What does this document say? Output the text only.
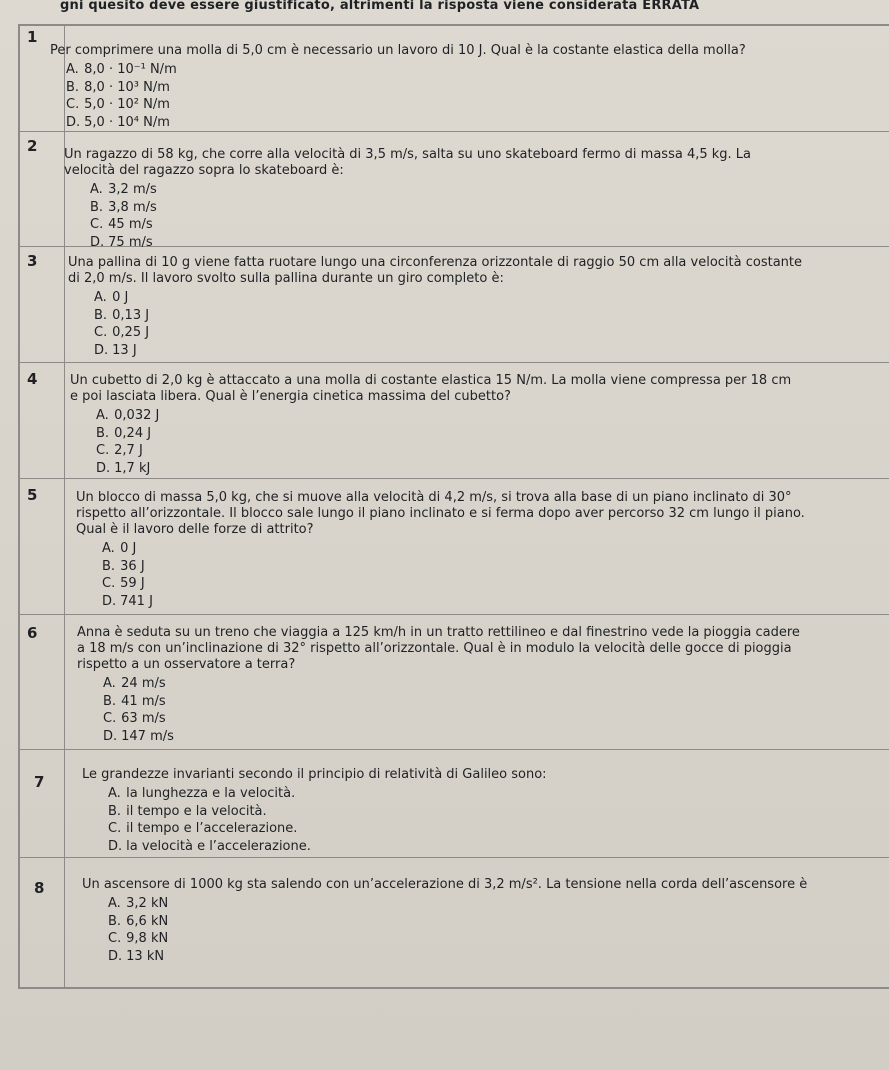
gni quesito deve essere giustificato, altrimenti la risposta viene considerata ERRATA
1
Per comprimere una molla di 5,0 cm è necessario un lavoro di 10 J. Qual è la costante elastica della molla?
A. 8,0 · 10⁻¹ N/m
B. 8,0 · 10³ N/m
C. 5,0 · 10² N/m
D. 5,0 · 10⁴ N/m
2 Un ragazzo di 58 kg, che corre alla velocità di 3,5 m/s, salta su uno skateboard fermo di massa 4,5 kg. La
velocità del ragazzo sopra lo skateboard è:
A. 3,2 m/s
B. 3,8 m/s
C. 45 m/s
D. 75 m/s
3 Una pallina di 10 g viene fatta ruotare lungo una circonferenza orizzontale di raggio 50 cm alla velocità costante
di 2,0 m/s. Il lavoro svolto sulla pallina durante un giro completo è:
A. 0 J
B. 0,13 J
C. 0,25 J
D. 13 J
4	Un cubetto di 2,0 kg è attaccato a una molla di costante elastica 15 N/m. La molla viene compressa per 18 cm
e poi lasciata libera. Qual è l’energia cinetica massima del cubetto?
A. 0,032 J
B. 0,24 J
C. 2,7 J
D. 1,7 kJ
5	Un blocco di massa 5,0 kg, che si muove alla velocità di 4,2 m/s, si trova alla base di un piano inclinato di 30°
rispetto all’orizzontale. Il blocco sale lungo il piano inclinato e si ferma dopo aver percorso 32 cm lungo il piano.
Qual è il lavoro delle forze di attrito?
A. 0 J
B. 36 J
C. 59 J
D. 741 J
6	Anna è seduta su un treno che viaggia a 125 km/h in un tratto rettilineo e dal finestrino vede la pioggia cadere
a 18 m/s con un’inclinazione di 32° rispetto all’orizzontale. Qual è in modulo la velocità delle gocce di pioggia
rispetto a un osservatore a terra?
A. 24 m/s
B. 41 m/s
C. 63 m/s
D. 147 m/s
7	Le grandezze invarianti secondo il principio di relatività di Galileo sono:
A. la lunghezza e la velocità.
B. il tempo e la velocità.
C. il tempo e l’accelerazione.
D. la velocità e l’accelerazione.
8	Un ascensore di 1000 kg sta salendo con un’accelerazione di 3,2 m/s². La tensione nella corda dell’ascensore è
A. 3,2 kN
B. 6,6 kN
C. 9,8 kN
D. 13 kN
